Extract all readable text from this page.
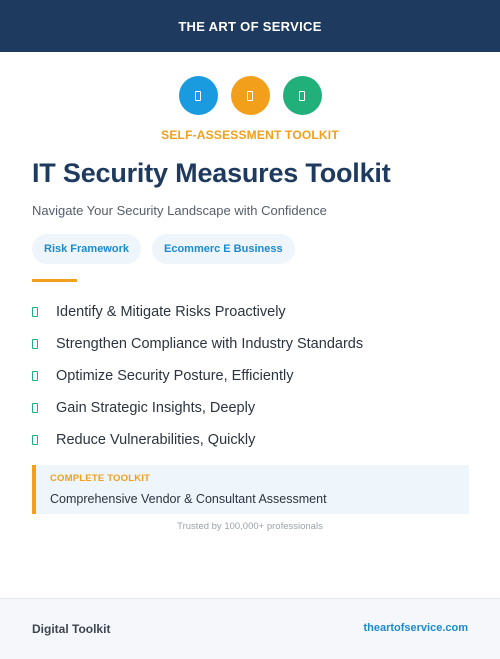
THE ART OF SERVICE
SELF-ASSESSMENT TOOLKIT
IT Security Measures Toolkit
Navigate Your Security Landscape with Confidence
Risk Framework	Ecommerc E Business
Identify & Mitigate Risks Proactively
Strengthen Compliance with Industry Standards
Optimize Security Posture, Efficiently
Gain Strategic Insights, Deeply
Reduce Vulnerabilities, Quickly
COMPLETE TOOLKIT
Comprehensive Vendor & Consultant Assessment
Trusted by 100,000+ professionals
Digital Toolkit	theartofservice.com
